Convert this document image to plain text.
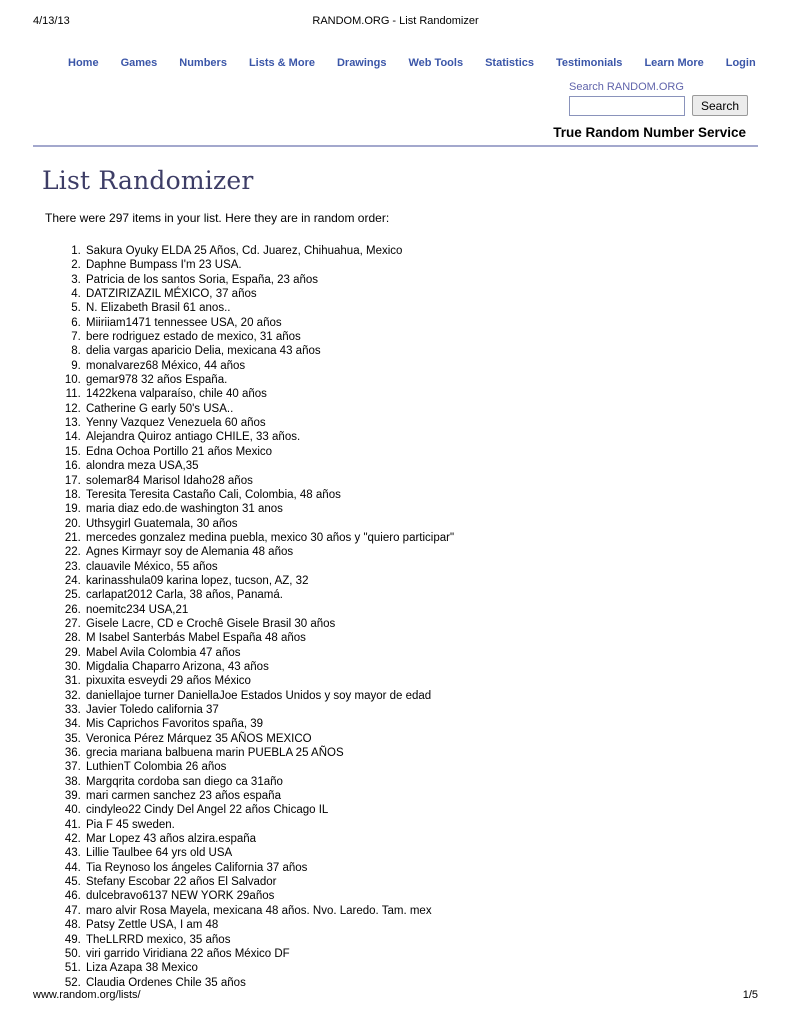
4/13/13	RANDOM.ORG - List Randomizer
Home Games Numbers Lists & More Drawings Web Tools Statistics Testimonials Learn More Login
Search RANDOM.ORG
Search
True Random Number Service
List Randomizer

There were 297 items in your list. Here they are in random order:

1. Sakura Oyuky ELDA 25 Años, Cd. Juarez, Chihuahua, Mexico
2. Daphne Bumpass I'm 23 USA.
3. Patricia de los santos Soria, España, 23 años
4. DATZIRIZAZIL MÉXICO, 37 años
5. N. Elizabeth Brasil 61 anos..
6. Miiriiam1471 tennessee USA, 20 años
7. bere rodriguez estado de mexico, 31 años
8. delia vargas aparicio Delia, mexicana 43 años
9. monalvarez68 México, 44 años
10. gemar978 32 años España.
11. 1422kena valparaíso, chile 40 años
12. Catherine G early 50's USA..
13. Yenny Vazquez Venezuela 60 años
14. Alejandra Quiroz antiago CHILE, 33 años.
15. Edna Ochoa Portillo 21 años Mexico
16. alondra meza USA,35
17. solemar84 Marisol Idaho28 años
18. Teresita Teresita Castaño Cali, Colombia, 48 años
19. maria diaz edo.de washington 31 anos
20. Uthsygirl Guatemala, 30 años
21. mercedes gonzalez medina puebla, mexico 30 años y "quiero participar"
22. Agnes Kirmayr soy de Alemania 48 años
23. clauavile México, 55 años
24. karinasshula09 karina lopez, tucson, AZ, 32
25. carlapat2012 Carla, 38 años, Panamá.
26. noemitc234 USA,21
27. Gisele Lacre, CD e Crochê Gisele Brasil 30 años
28. M Isabel Santerbás Mabel España 48 años
29. Mabel Avila Colombia 47 años
30. Migdalia Chaparro Arizona, 43 años
31. pixuxita esveydi 29 años México
32. daniellajoe turner DaniellaJoe Estados Unidos y soy mayor de edad
33. Javier Toledo california 37
34. Mis Caprichos Favoritos spaña, 39
35. Veronica Pérez Márquez 35 AÑOS MEXICO
36. grecia mariana balbuena marin PUEBLA 25 AÑOS
37. LuthienT Colombia 26 años
38. Margqrita cordoba san diego ca 31año
39. mari carmen sanchez 23 años españa
40. cindyleo22 Cindy Del Angel 22 años Chicago IL
41. Pia F 45 sweden.
42. Mar Lopez 43 años alzira.españa
43. Lillie Taulbee 64 yrs old USA
44. Tia Reynoso los ángeles California 37 años
45. Stefany Escobar 22 años El Salvador
46. dulcebravo6137 NEW YORK 29años
47. maro alvir Rosa Mayela, mexicana 48 años. Nvo. Laredo. Tam. mex
48. Patsy Zettle USA, I am 48
49. TheLLRRD mexico, 35 años
50. viri garrido Viridiana 22 años México DF
51. Liza Azapa 38 Mexico
52. Claudia Ordenes Chile 35 años
www.random.org/lists/	1/5
